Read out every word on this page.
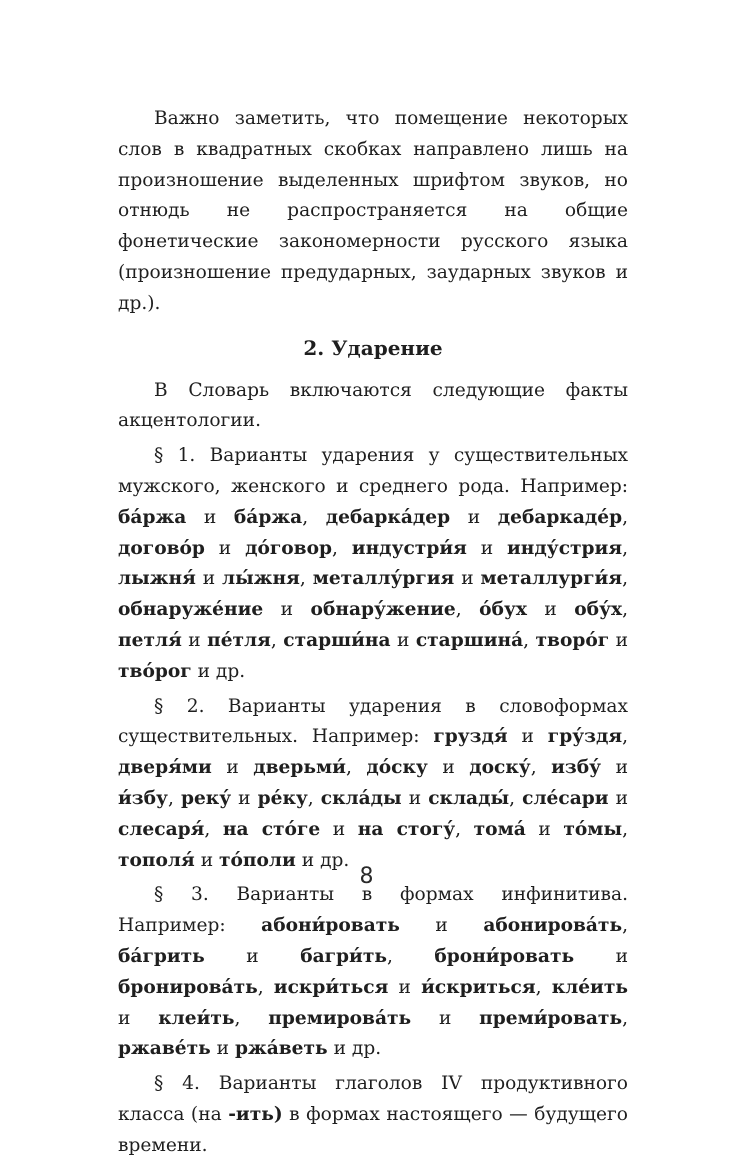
Важно заметить, что помещение некоторых слов в квадратных скобках направлено лишь на произношение выделенных шрифтом звуков, но отнюдь не распространяется на общие фонетические закономерности русского языка (произношение предударных, заударных звуков и др.).

2. Ударение

В Словарь включаются следующие факты акцентологии.

§ 1. Варианты ударения у существительных мужского, женского и среднего рода. Например: ба́ржа и ба́ржа, дебарка́дер и дебаркаде́р, догово́р и до́говор, индустри́я и инду́стрия, лыжня́ и лы́жня, металлу́ргия и металлурги́я, обнаруже́ние и обнару́жение, о́бух и обу́х, петля́ и пе́тля, старши́на и старшина́, творо́г и тво́рог и др.

§ 2. Варианты ударения в словоформах существительных. Например: груздя́ и гру́здя, дверя́ми и дверьми́, до́ску и доску́, избу́ и и́збу, реку́ и ре́ку, скла́ды и склады́, сле́сари и слесаря́, на сто́ге и на стогу́, тома́ и то́мы, тополя́ и то́поли и др.

§ 3. Варианты в формах инфинитива. Например: абони́ровать и абонирова́ть, ба́грить и багри́ть, брони́ровать и бронирова́ть, искри́ться и и́скриться, кле́ить и клеи́ть, премирова́ть и преми́ровать, ржаве́ть и ржа́веть и др.

§ 4. Варианты глаголов IV продуктивного класса (на -ить) в формах настоящего — будущего времени.

8
